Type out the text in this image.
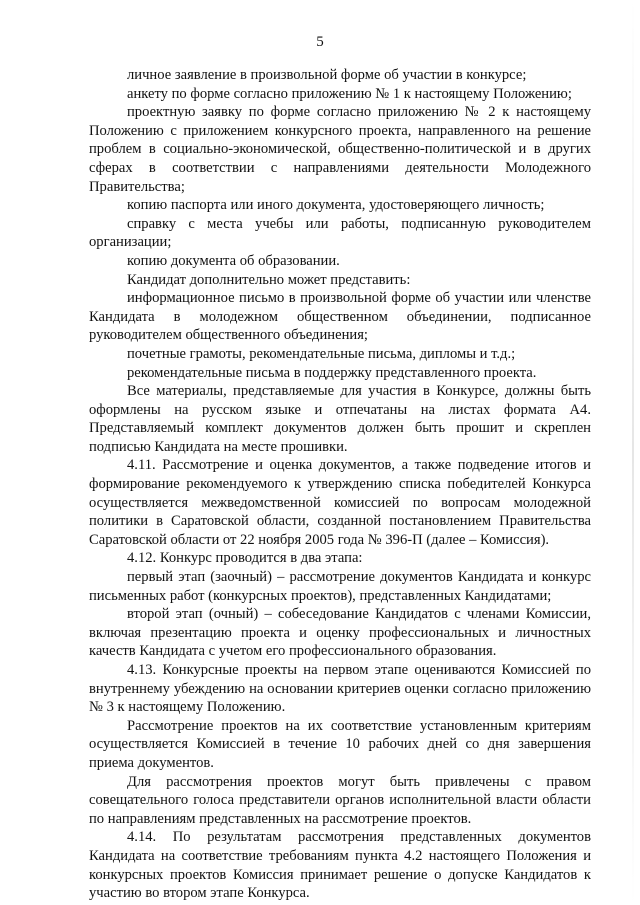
5

личное заявление в произвольной форме об участии в конкурсе;

анкету по форме согласно приложению № 1 к настоящему Положению;

проектную заявку по форме согласно приложению № 2 к настоящему Положению с приложением конкурсного проекта, направленного на решение проблем в социально-экономической, общественно-политической и в других сферах в соответствии с направлениями деятельности Молодежного Правительства;

копию паспорта или иного документа, удостоверяющего личность;

справку с места учебы или работы, подписанную руководителем организации;

копию документа об образовании.

Кандидат дополнительно может представить:

информационное письмо в произвольной форме об участии или членстве Кандидата в молодежном общественном объединении, подписанное руководителем общественного объединения;

почетные грамоты, рекомендательные письма, дипломы и т.д.;

рекомендательные письма в поддержку представленного проекта.

Все материалы, представляемые для участия в Конкурсе, должны быть оформлены на русском языке и отпечатаны на листах формата А4. Представляемый комплект документов должен быть прошит и скреплен подписью Кандидата на месте прошивки.

4.11. Рассмотрение и оценка документов, а также подведение итогов и формирование рекомендуемого к утверждению списка победителей Конкурса осуществляется межведомственной комиссией по вопросам молодежной политики в Саратовской области, созданной постановлением Правительства Саратовской области от 22 ноября 2005 года № 396-П (далее – Комиссия).

4.12. Конкурс проводится в два этапа:

первый этап (заочный) – рассмотрение документов Кандидата и конкурс письменных работ (конкурсных проектов), представленных Кандидатами;

второй этап (очный) – собеседование Кандидатов с членами Комиссии, включая презентацию проекта и оценку профессиональных и личностных качеств Кандидата с учетом его профессионального образования.

4.13. Конкурсные проекты на первом этапе оцениваются Комиссией по внутреннему убеждению на основании критериев оценки согласно приложению № 3 к настоящему Положению.

Рассмотрение проектов на их соответствие установленным критериям осуществляется Комиссией в течение 10 рабочих дней со дня завершения приема документов.

Для рассмотрения проектов могут быть привлечены с правом совещательного голоса представители органов исполнительной власти области по направлениям представленных на рассмотрение проектов.

4.14. По результатам рассмотрения представленных документов Кандидата на соответствие требованиям пункта 4.2 настоящего Положения и конкурсных проектов Комиссия принимает решение о допуске Кандидатов к участию во втором этапе Конкурса.
